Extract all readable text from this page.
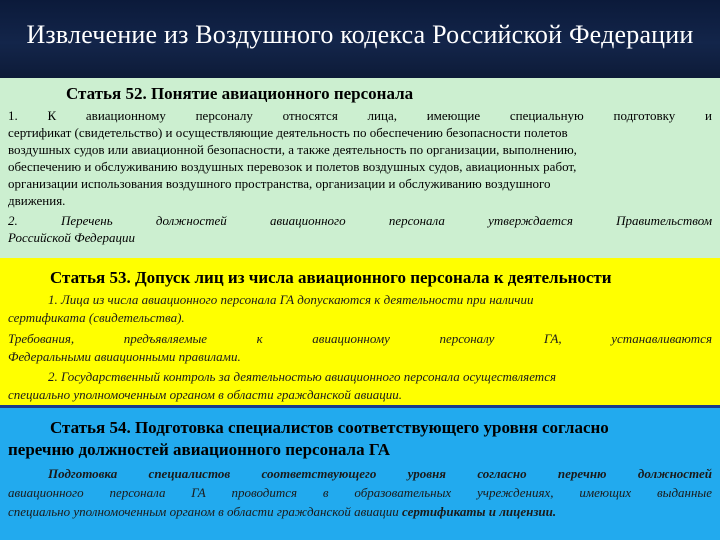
Извлечение из Воздушного кодекса Российской Федерации
Статья 52. Понятие авиационного персонала
1. К авиационному персоналу относятся лица, имеющие специальную подготовку и
сертификат (свидетельство) и осуществляющие деятельность по обеспечению безопасности полетов
воздушных судов или авиационной безопасности, а также деятельность по организации, выполнению,
обеспечению и обслуживанию воздушных перевозок и полетов воздушных судов, авиационных работ,
организации использования воздушного пространства, организации и обслуживанию воздушного
движения.
2. Перечень должностей авиационного персонала утверждается Правительством
Российской Федерации
Статья 53. Допуск лиц из числа авиационного персонала к деятельности
1. Лица из числа авиационного персонала ГА допускаются к деятельности при наличии
сертификата (свидетельства).
Требования, предъявляемые к авиационному персоналу ГА, устанавливаются
Федеральными авиационными правилами.
2. Государственный контроль за деятельностью авиационного персонала осуществляется
специально уполномоченным органом в области гражданской авиации.
Статья 54. Подготовка специалистов соответствующего уровня согласно
перечню должностей авиационного персонала ГА
Подготовка специалистов соответствующего уровня согласно перечню должностей
авиационного персонала ГА проводится в образовательных учреждениях, имеющих выданные
специально уполномоченным органом в области гражданской авиации сертификаты и лицензии.
